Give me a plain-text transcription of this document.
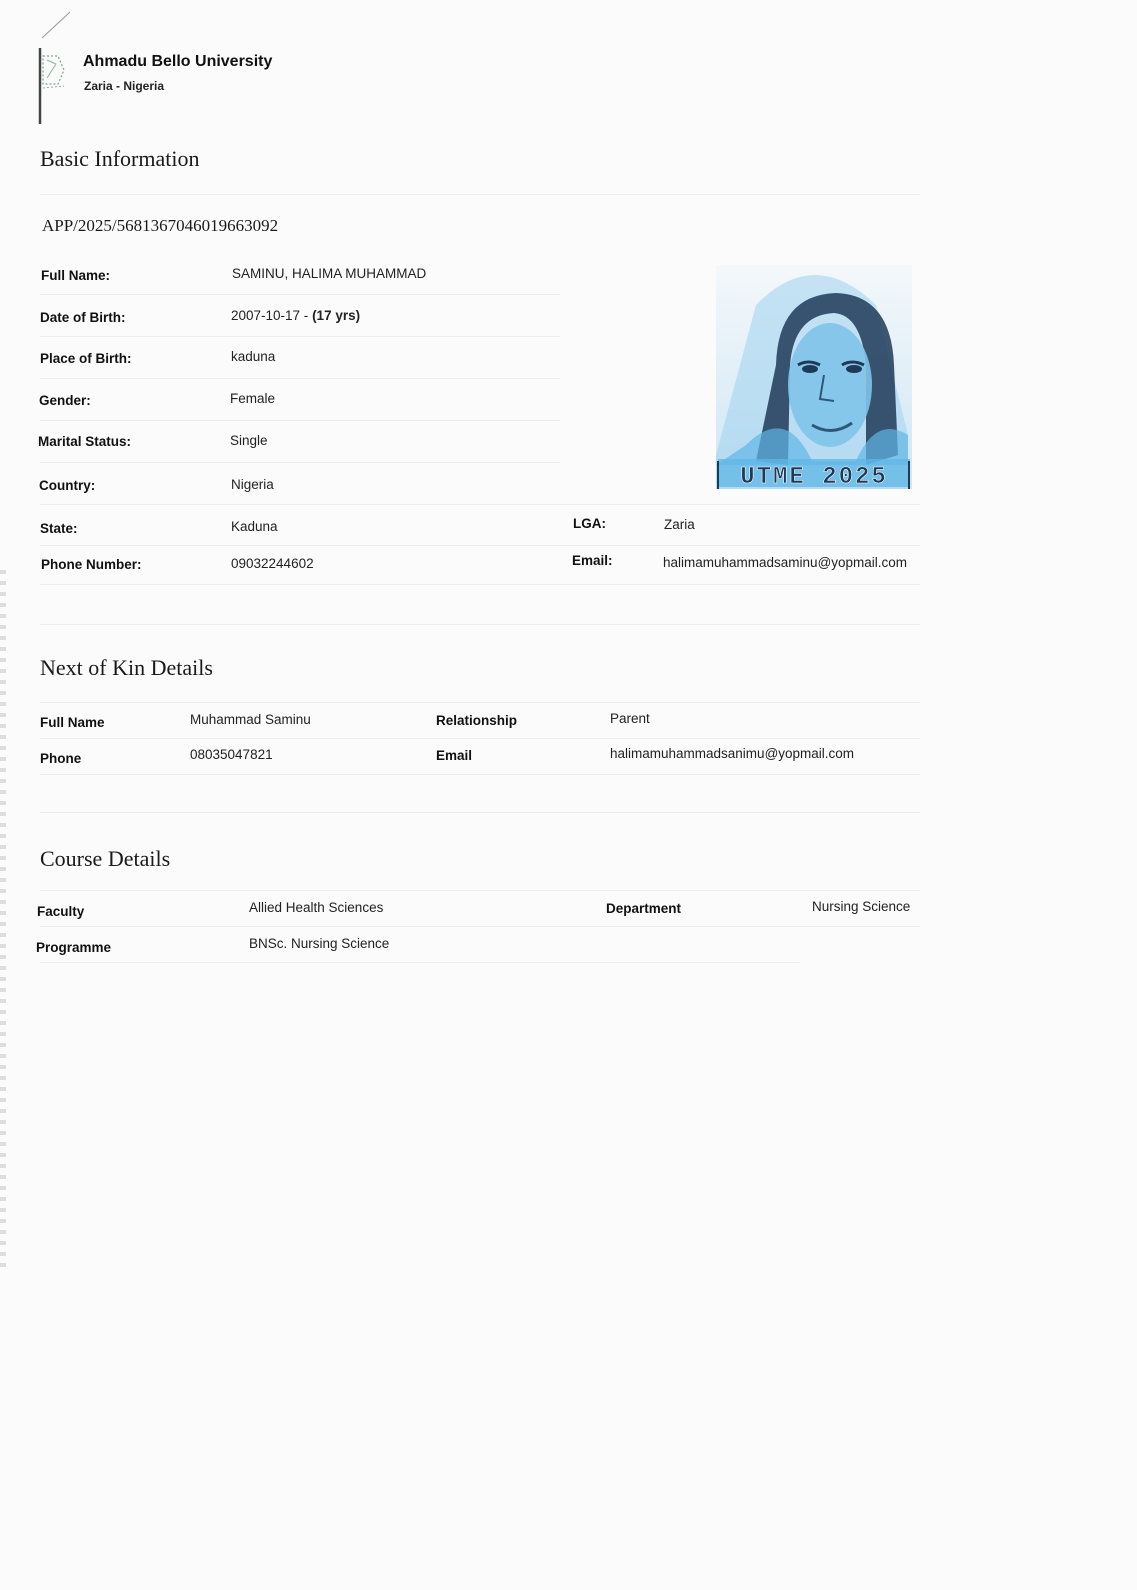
Ahmadu Bello University
Zaria - Nigeria
Basic Information
APP/2025/5681367046019663092
Full Name:	SAMINU, HALIMA MUHAMMAD
Date of Birth:	2007-10-17 - (17 yrs)
Place of Birth:	kaduna
Gender:	Female
Marital Status:	Single
Country:	Nigeria
State:	Kaduna	LGA:	Zaria
Phone Number:	09032244602	Email:	halimamuhammadsaminu@yopmail.com
UTME 2025
Next of Kin Details
Full Name	Muhammad Saminu	Relationship	Parent
Phone	08035047821	Email	halimamuhammadsanimu@yopmail.com
Course Details
Faculty	Allied Health Sciences	Department	Nursing Science
Programme	BNSc. Nursing Science
